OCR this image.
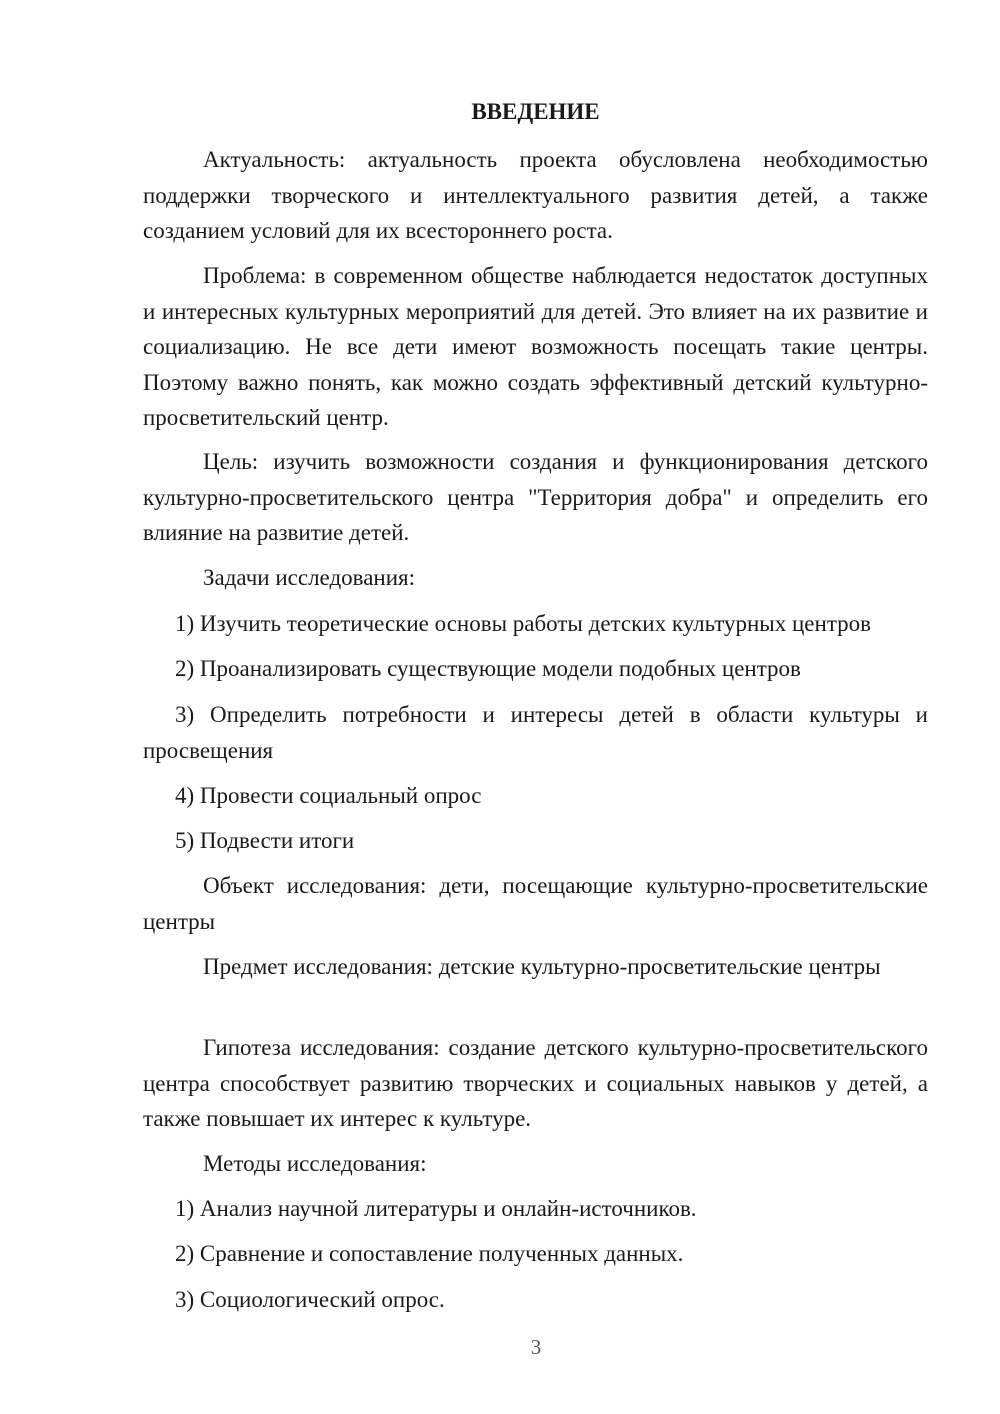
ВВЕДЕНИЕ
Актуальность: актуальность проекта обусловлена необходимостью поддержки творческого и интеллектуального развития детей, а также созданием условий для их всестороннего роста.
Проблема: в современном обществе наблюдается недостаток доступных и интересных культурных мероприятий для детей. Это влияет на их развитие и социализацию. Не все дети имеют возможность посещать такие центры. Поэтому важно понять, как можно создать эффективный детский культурно-просветительский центр.
Цель: изучить возможности создания и функционирования детского культурно-просветительского центра "Территория добра" и определить его влияние на развитие детей.
Задачи исследования:
1) Изучить теоретические основы работы детских культурных центров
2) Проанализировать существующие модели подобных центров
3) Определить потребности и интересы детей в области культуры и просвещения
4) Провести социальный опрос
5) Подвести итоги
Объект исследования: дети, посещающие культурно-просветительские центры
Предмет исследования: детские культурно-просветительские центры
Гипотеза исследования: создание детского культурно-просветительского центра способствует развитию творческих и социальных навыков у детей, а также повышает их интерес к культуре.
Методы исследования:
1) Анализ научной литературы и онлайн-источников.
2) Сравнение и сопоставление полученных данных.
3) Социологический опрос.
3
